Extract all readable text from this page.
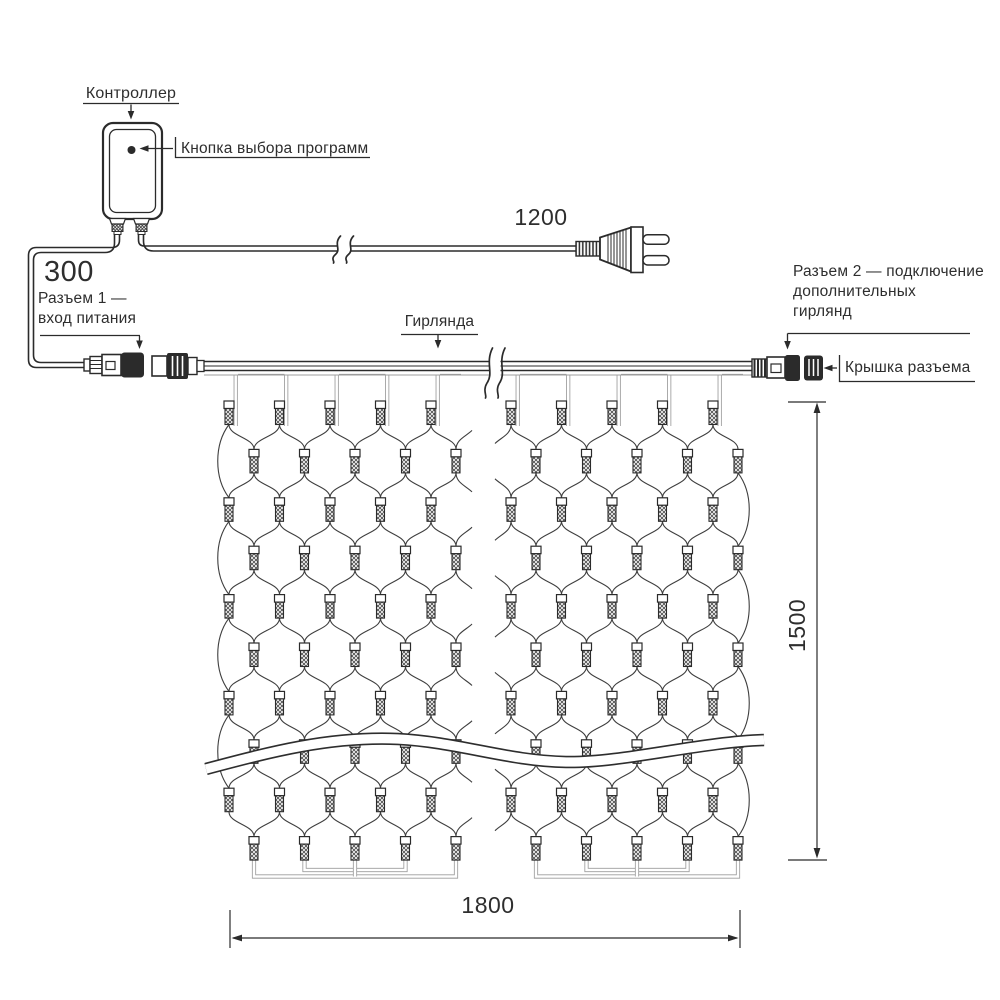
Контроллер
Кнопка выбора программ
1200
300
Разъем 1 —
вход питания	Гирлянда
Разъем 2 — подключение
дополнительных
гирлянд
Крышка разъема
1500
1800
